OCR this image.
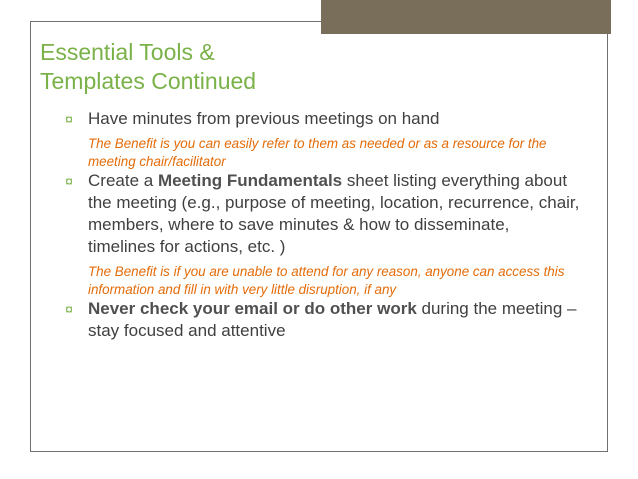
Essential Tools &
Templates Continued
¤ Have minutes from previous meetings on hand

The Benefit is you can easily refer to them as needed or as a resource for the meeting chair/facilitator

¤ Create a Meeting Fundamentals sheet listing everything about the meeting (e.g., purpose of meeting, location, recurrence, chair, members, where to save minutes & how to disseminate, timelines for actions, etc. )

The Benefit is if you are unable to attend for any reason, anyone can access this information and fill in with very little disruption, if any

¤ Never check your email or do other work during the meeting – stay focused and attentive
